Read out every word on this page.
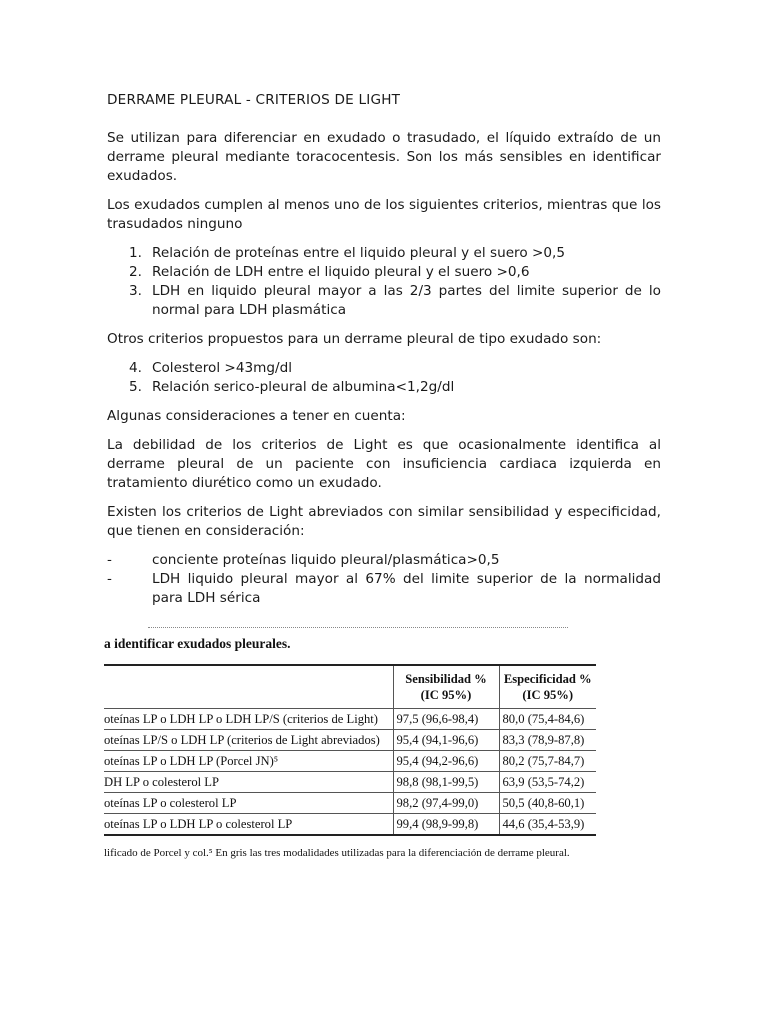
DERRAME PLEURAL - CRITERIOS DE LIGHT

Se utilizan para diferenciar en exudado o trasudado, el líquido extraído de un derrame pleural mediante toracocentesis. Son los más sensibles en identificar exudados.

Los exudados cumplen al menos uno de los siguientes criterios, mientras que los trasudados ninguno

1. Relación de proteínas entre el liquido pleural y el suero >0,5
2. Relación de LDH entre el liquido pleural y el suero >0,6
3. LDH en liquido pleural mayor a las 2/3 partes del limite superior de lo normal para LDH plasmática

Otros criterios propuestos para un derrame pleural de tipo exudado son:

4. Colesterol >43mg/dl
5. Relación serico-pleural de albumina<1,2g/dl

Algunas consideraciones a tener en cuenta:

La debilidad de los criterios de Light es que ocasionalmente identifica al derrame pleural de un paciente con insuficiencia cardiaca izquierda en tratamiento diurético como un exudado.

Existen los criterios de Light abreviados con similar sensibilidad y especificidad, que tienen en consideración:

-	conciente proteínas liquido pleural/plasmática>0,5
-	LDH liquido pleural mayor al 67% del limite superior de la normalidad para LDH sérica
a identificar exudados pleurales.
	Sensibilidad % (IC 95%)	Especificidad % (IC 95%)
oteínas LP o LDH LP o LDH LP/S (criterios de Light)	97,5 (96,6-98,4)	80,0 (75,4-84,6)
oteínas LP/S o LDH LP (criterios de Light abreviados)	95,4 (94,1-96,6)	83,3 (78,9-87,8)
oteínas LP o LDH LP (Porcel JN)⁵	95,4 (94,2-96,6)	80,2 (75,7-84,7)
DH LP o colesterol LP	98,8 (98,1-99,5)	63,9 (53,5-74,2)
oteínas LP o colesterol LP	98,2 (97,4-99,0)	50,5 (40,8-60,1)
oteínas LP o LDH LP o colesterol LP	99,4 (98,9-99,8)	44,6 (35,4-53,9)
lificado de Porcel y col.⁵ En gris las tres modalidades utilizadas para la diferenciación de derrame pleural.
